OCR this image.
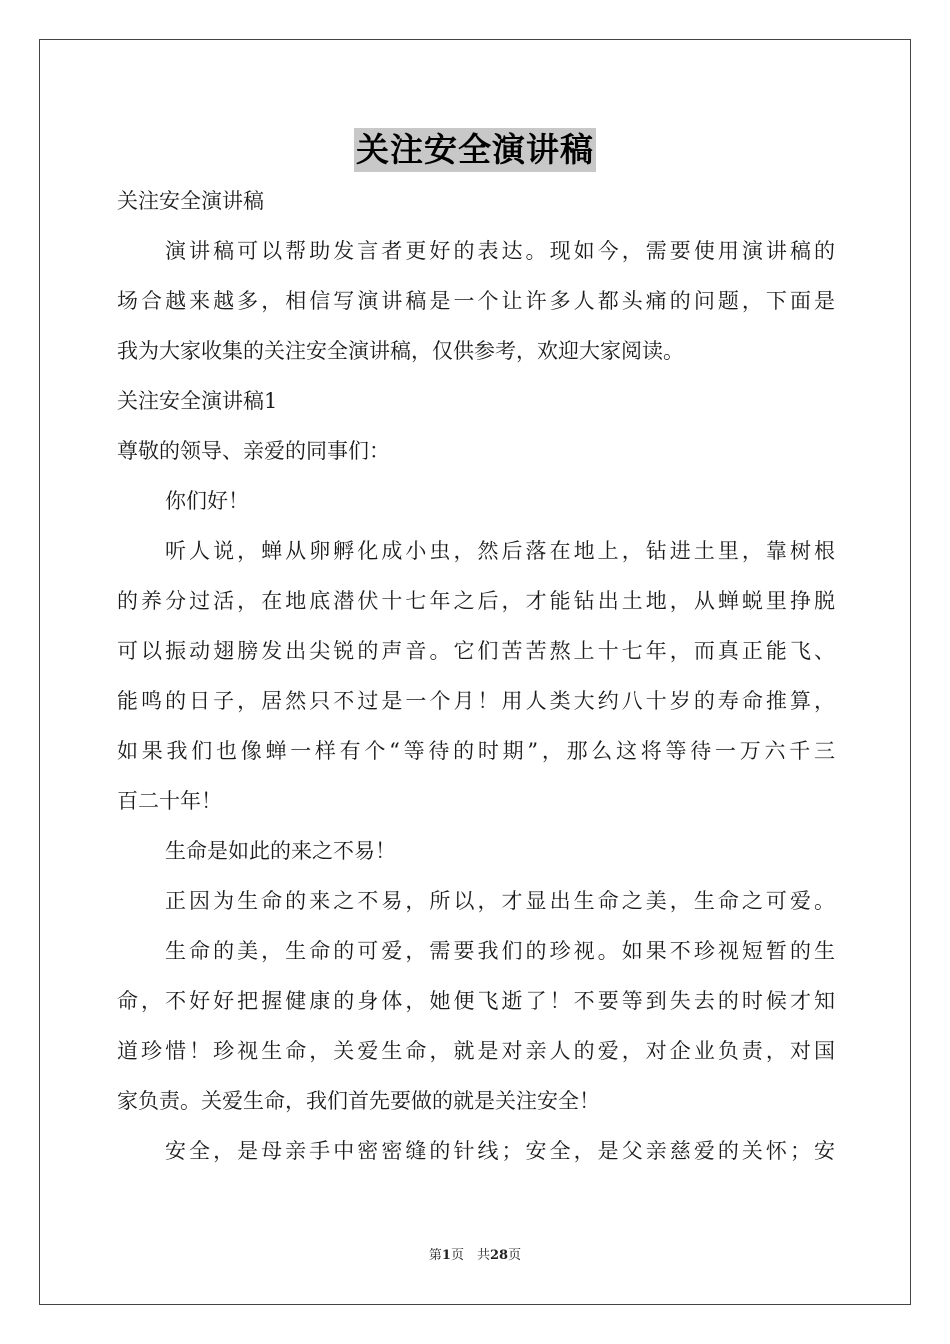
关注安全演讲稿
关注安全演讲稿
演讲稿可以帮助发言者更好的表达。现如今，需要使用演讲稿的
场合越来越多，相信写演讲稿是一个让许多人都头痛的问题，下面是
我为大家收集的关注安全演讲稿，仅供参考，欢迎大家阅读。
关注安全演讲稿1
尊敬的领导、亲爱的同事们：
你们好！
听人说，蝉从卵孵化成小虫，然后落在地上，钻进土里，靠树根
的养分过活，在地底潜伏十七年之后，才能钻出土地，从蝉蜕里挣脱
可以振动翅膀发出尖锐的声音。它们苦苦熬上十七年，而真正能飞、
能鸣的日子，居然只不过是一个月！用人类大约八十岁的寿命推算，
如果我们也像蝉一样有个“等待的时期”，那么这将等待一万六千三
百二十年！
生命是如此的来之不易！
正因为生命的来之不易，所以，才显出生命之美，生命之可爱。
生命的美，生命的可爱，需要我们的珍视。如果不珍视短暂的生
命，不好好把握健康的身体，她便飞逝了！不要等到失去的时候才知
道珍惜！珍视生命，关爱生命，就是对亲人的爱，对企业负责，对国
家负责。关爱生命，我们首先要做的就是关注安全！
安全，是母亲手中密密缝的针线；安全，是父亲慈爱的关怀；安
第1页　共28页
